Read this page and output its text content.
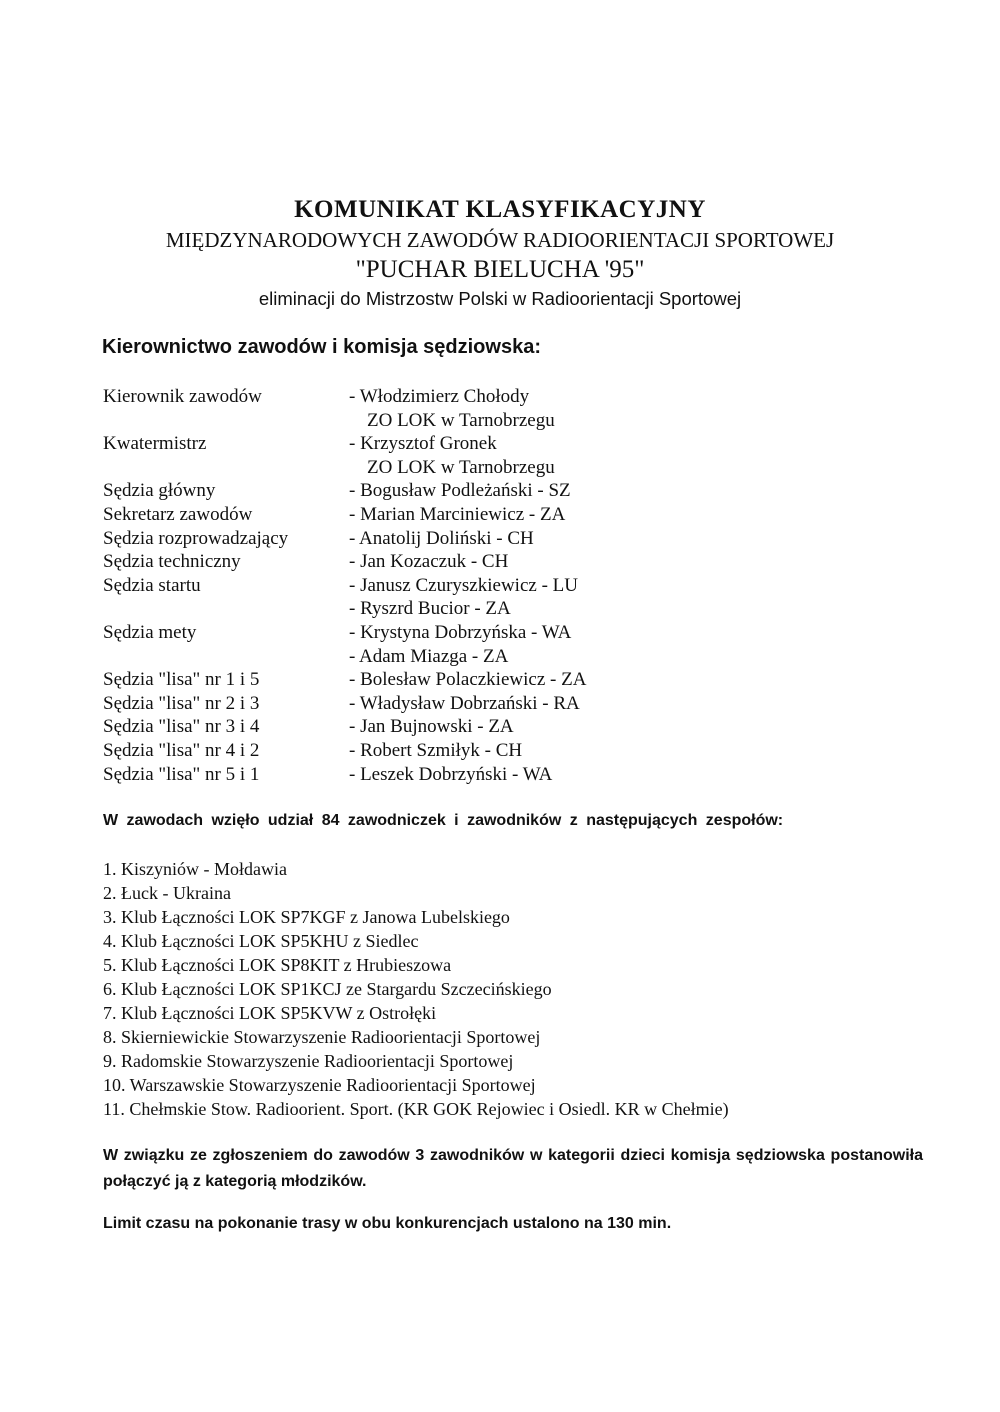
KOMUNIKAT KLASYFIKACYJNY
MIĘDZYNARODOWYCH ZAWODÓW RADIOORIENTACJI SPORTOWEJ
"PUCHAR BIELUCHA '95"
eliminacji do Mistrzostw Polski w Radioorientacji Sportowej
Kierownictwo zawodów i komisja sędziowska:
Kierownik zawodów	- Włodzimierz Chołody
ZO LOK w Tarnobrzegu
Kwatermistrz	- Krzysztof Gronek
ZO LOK w Tarnobrzegu
Sędzia główny	- Bogusław Podleżański - SZ
Sekretarz zawodów	- Marian Marciniewicz - ZA
Sędzia rozprowadzający	- Anatolij Doliński - CH
Sędzia techniczny	- Jan Kozaczuk - CH
Sędzia startu	- Janusz Czuryszkiewicz - LU
- Ryszrd Bucior - ZA
Sędzia mety	- Krystyna Dobrzyńska - WA
- Adam Miazga - ZA
Sędzia "lisa" nr 1 i 5	- Bolesław Polaczkiewicz - ZA
Sędzia "lisa" nr 2 i 3	- Władysław Dobrzański - RA
Sędzia "lisa" nr 3 i 4	- Jan Bujnowski - ZA
Sędzia "lisa" nr 4 i 2	- Robert Szmiłyk - CH
Sędzia "lisa" nr 5 i 1	- Leszek Dobrzyński - WA
W zawodach wzięło udział 84 zawodniczek i zawodników z następujących zespołów:
1. Kiszyniów - Mołdawia
2. Łuck - Ukraina
3. Klub Łączności LOK SP7KGF z Janowa Lubelskiego
4. Klub Łączności LOK SP5KHU z Siedlec
5. Klub Łączności LOK SP8KIT z Hrubieszowa
6. Klub Łączności LOK SP1KCJ ze Stargardu Szczecińskiego
7. Klub Łączności LOK SP5KVW z Ostrołęki
8. Skierniewickie Stowarzyszenie Radioorientacji Sportowej
9. Radomskie Stowarzyszenie Radioorientacji Sportowej
10. Warszawskie Stowarzyszenie Radioorientacji Sportowej
11. Chełmskie Stow. Radioorient. Sport. (KR GOK Rejowiec i Osiedl. KR w Chełmie)
W związku ze zgłoszeniem do zawodów 3 zawodników w kategorii dzieci komisja sędziowska postanowiła połączyć ją z kategorią młodzików.
Limit czasu na pokonanie trasy w obu konkurencjach ustalono na 130 min.
